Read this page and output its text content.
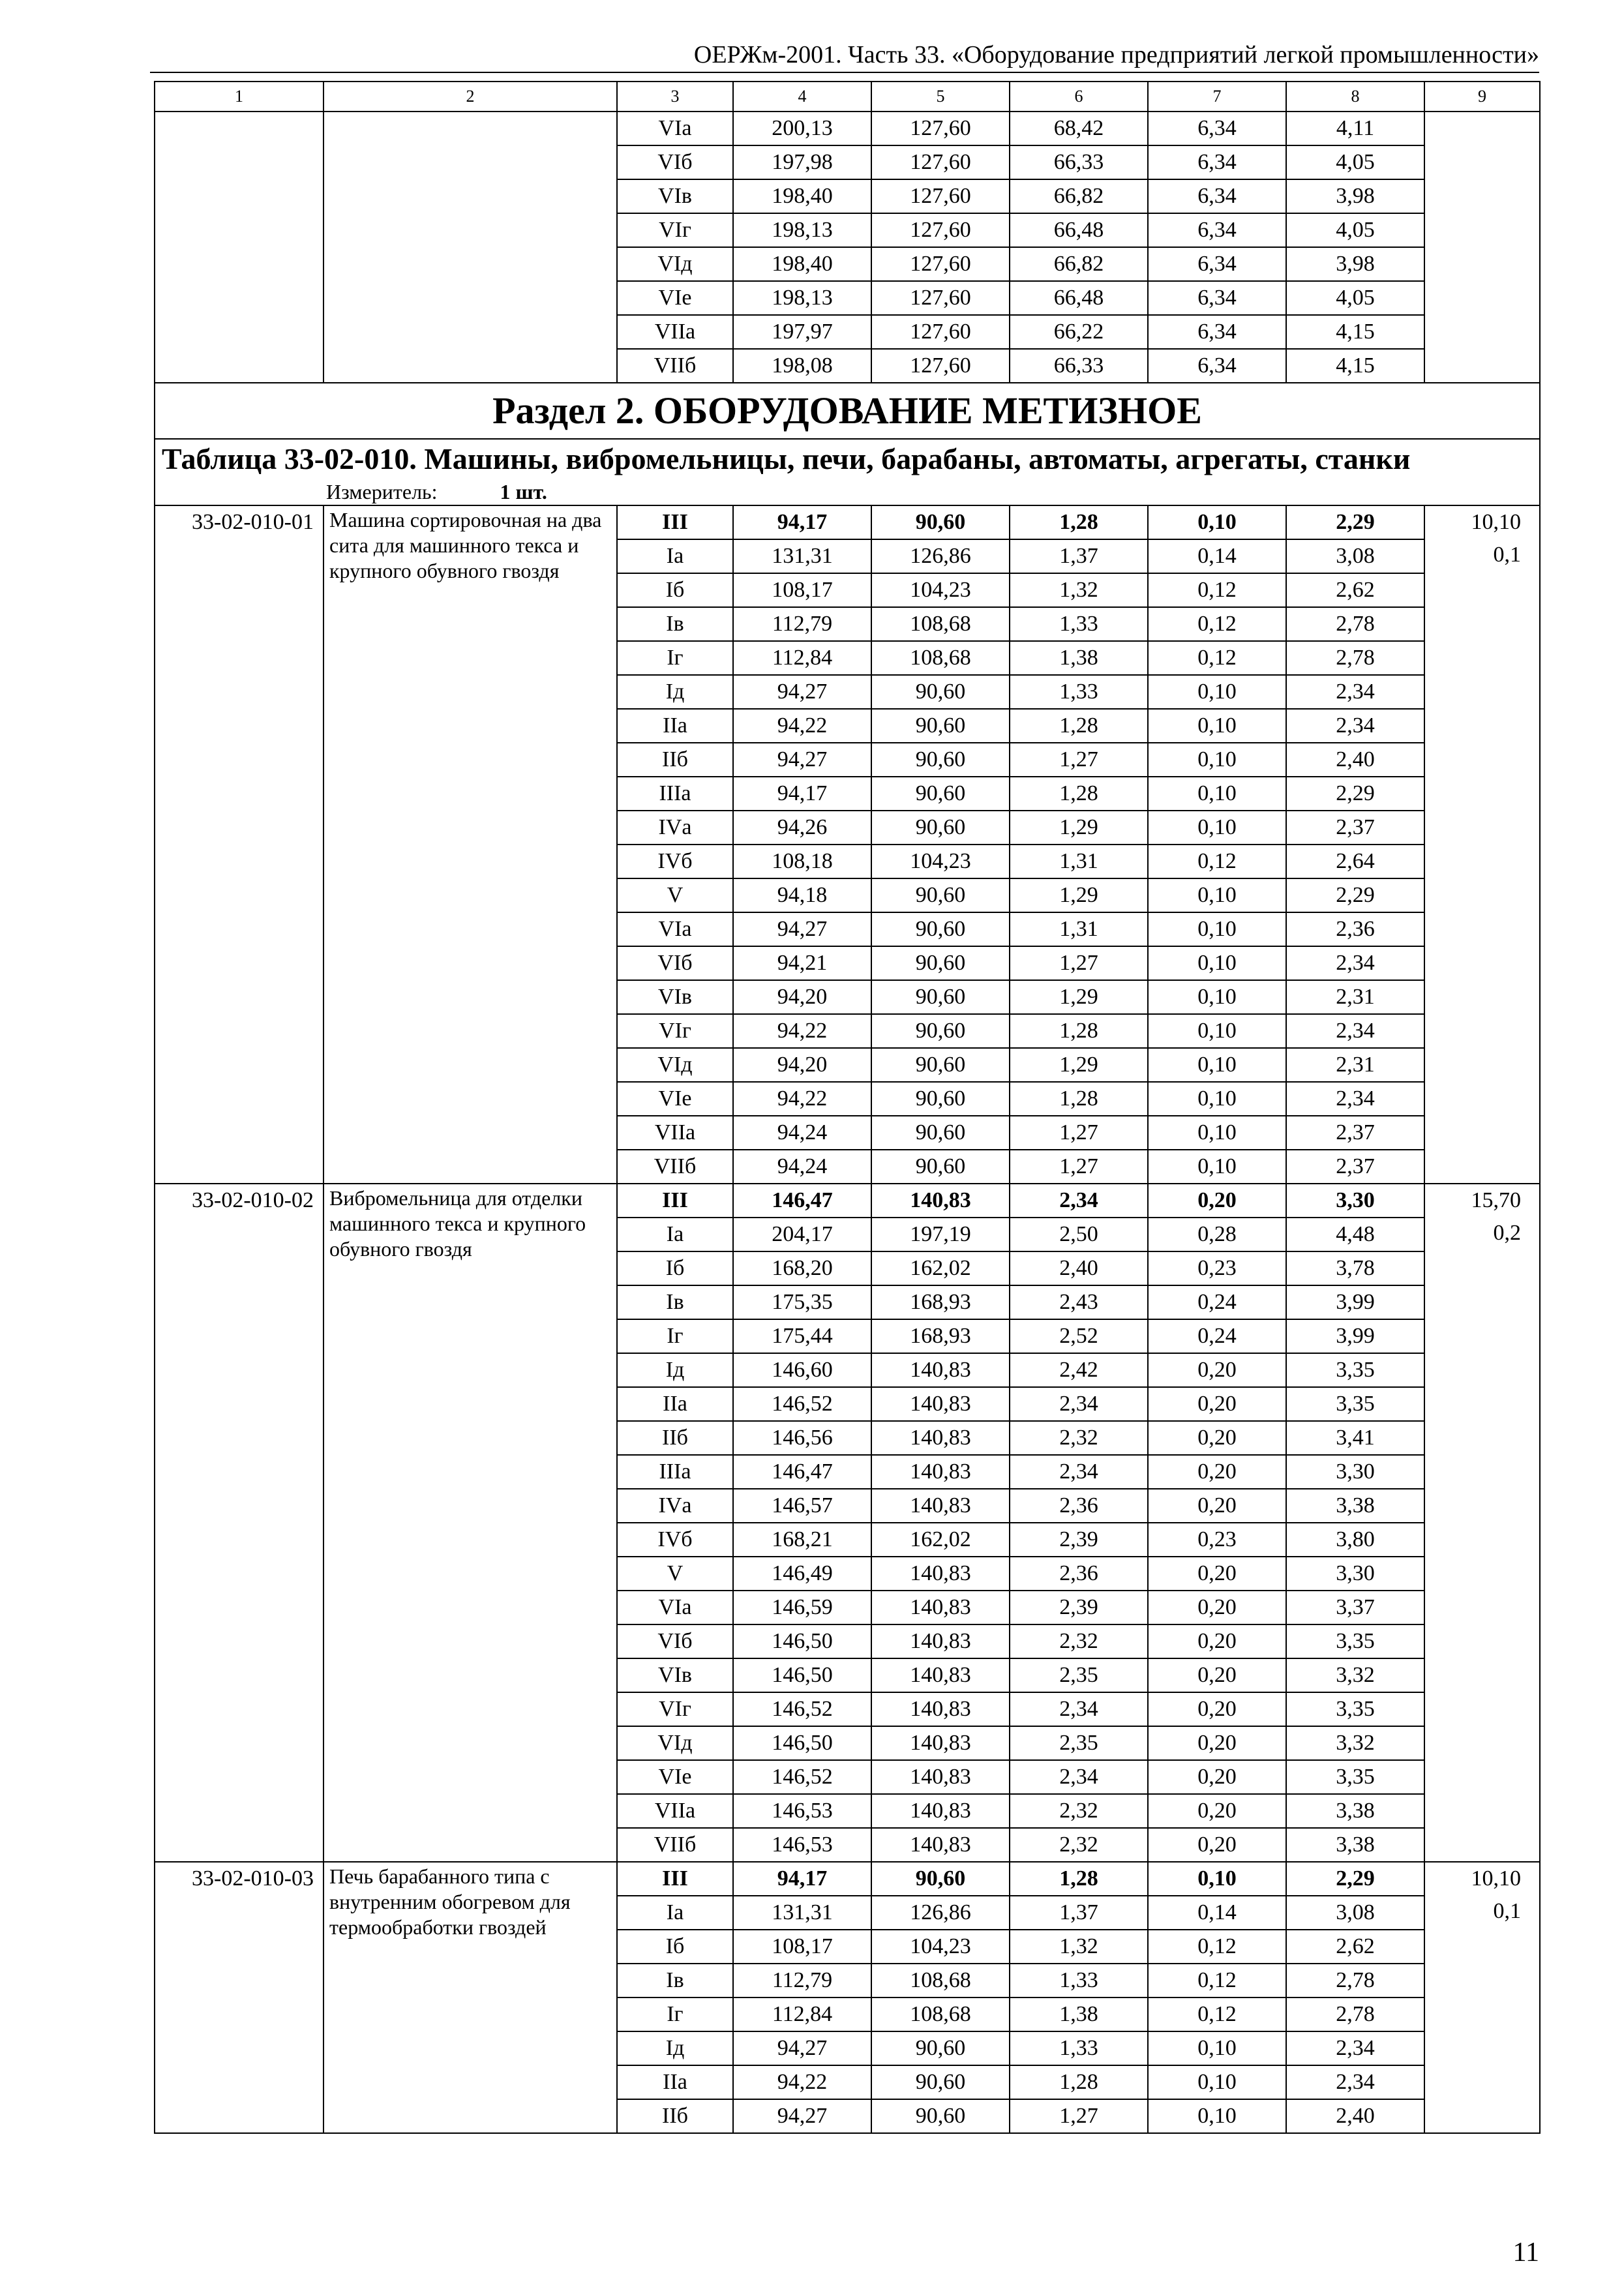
ОЕРЖм-2001. Часть 33. «Оборудование предприятий легкой промышленности»
1	2	3	4	5	6	7	8	9
		VIа	200,13	127,60	68,42	6,34	4,11	
		VIб	197,98	127,60	66,33	6,34	4,05	
		VIв	198,40	127,60	66,82	6,34	3,98	
		VIг	198,13	127,60	66,48	6,34	4,05	
		VIд	198,40	127,60	66,82	6,34	3,98	
		VIе	198,13	127,60	66,48	6,34	4,05	
		VIIа	197,97	127,60	66,22	6,34	4,15	
		VIIб	198,08	127,60	66,33	6,34	4,15	
Раздел 2. ОБОРУДОВАНИЕ МЕТИЗНОЕ								
Таблица 33-02-010. Машины, вибромельницы, печи, барабаны, автоматы, агрегаты, станки								
Измеритель: 1 шт.								
33-02-010-01	Машина сортировочная на два сита для машинного текса и крупного обувного гвоздя	III	94,17	90,60	1,28	0,10	2,29	10,10
0,1

		Iа	131,31	126,86	1,37	0,14	3,08	
		Iб	108,17	104,23	1,32	0,12	2,62	
		Iв	112,79	108,68	1,33	0,12	2,78	
		Iг	112,84	108,68	1,38	0,12	2,78	
		Iд	94,27	90,60	1,33	0,10	2,34	
		IIа	94,22	90,60	1,28	0,10	2,34	
		IIб	94,27	90,60	1,27	0,10	2,40	
		IIIа	94,17	90,60	1,28	0,10	2,29	
		IVа	94,26	90,60	1,29	0,10	2,37	
		IVб	108,18	104,23	1,31	0,12	2,64	
		V	94,18	90,60	1,29	0,10	2,29	
		VIа	94,27	90,60	1,31	0,10	2,36	
		VIб	94,21	90,60	1,27	0,10	2,34	
		VIв	94,20	90,60	1,29	0,10	2,31	
		VIг	94,22	90,60	1,28	0,10	2,34	
		VIд	94,20	90,60	1,29	0,10	2,31	
		VIе	94,22	90,60	1,28	0,10	2,34	
		VIIа	94,24	90,60	1,27	0,10	2,37	
		VIIб	94,24	90,60	1,27	0,10	2,37	
33-02-010-02	Вибромельница для отделки машинного текса и крупного обувного гвоздя	III	146,47	140,83	2,34	0,20	3,30	15,70
0,2

		Iа	204,17	197,19	2,50	0,28	4,48	
		Iб	168,20	162,02	2,40	0,23	3,78	
		Iв	175,35	168,93	2,43	0,24	3,99	
		Iг	175,44	168,93	2,52	0,24	3,99	
		Iд	146,60	140,83	2,42	0,20	3,35	
		IIа	146,52	140,83	2,34	0,20	3,35	
		IIб	146,56	140,83	2,32	0,20	3,41	
		IIIа	146,47	140,83	2,34	0,20	3,30	
		IVа	146,57	140,83	2,36	0,20	3,38	
		IVб	168,21	162,02	2,39	0,23	3,80	
		V	146,49	140,83	2,36	0,20	3,30	
		VIа	146,59	140,83	2,39	0,20	3,37	
		VIб	146,50	140,83	2,32	0,20	3,35	
		VIв	146,50	140,83	2,35	0,20	3,32	
		VIг	146,52	140,83	2,34	0,20	3,35	
		VIд	146,50	140,83	2,35	0,20	3,32	
		VIе	146,52	140,83	2,34	0,20	3,35	
		VIIа	146,53	140,83	2,32	0,20	3,38	
		VIIб	146,53	140,83	2,32	0,20	3,38	
33-02-010-03	Печь барабанного типа с внутренним обогревом для термообработки гвоздей	III	94,17	90,60	1,28	0,10	2,29	10,10
0,1

		Iа	131,31	126,86	1,37	0,14	3,08	
		Iб	108,17	104,23	1,32	0,12	2,62	
		Iв	112,79	108,68	1,33	0,12	2,78	
		Iг	112,84	108,68	1,38	0,12	2,78	
		Iд	94,27	90,60	1,33	0,10	2,34	
		IIа	94,22	90,60	1,28	0,10	2,34	
		IIб	94,27	90,60	1,27	0,10	2,40	
11
